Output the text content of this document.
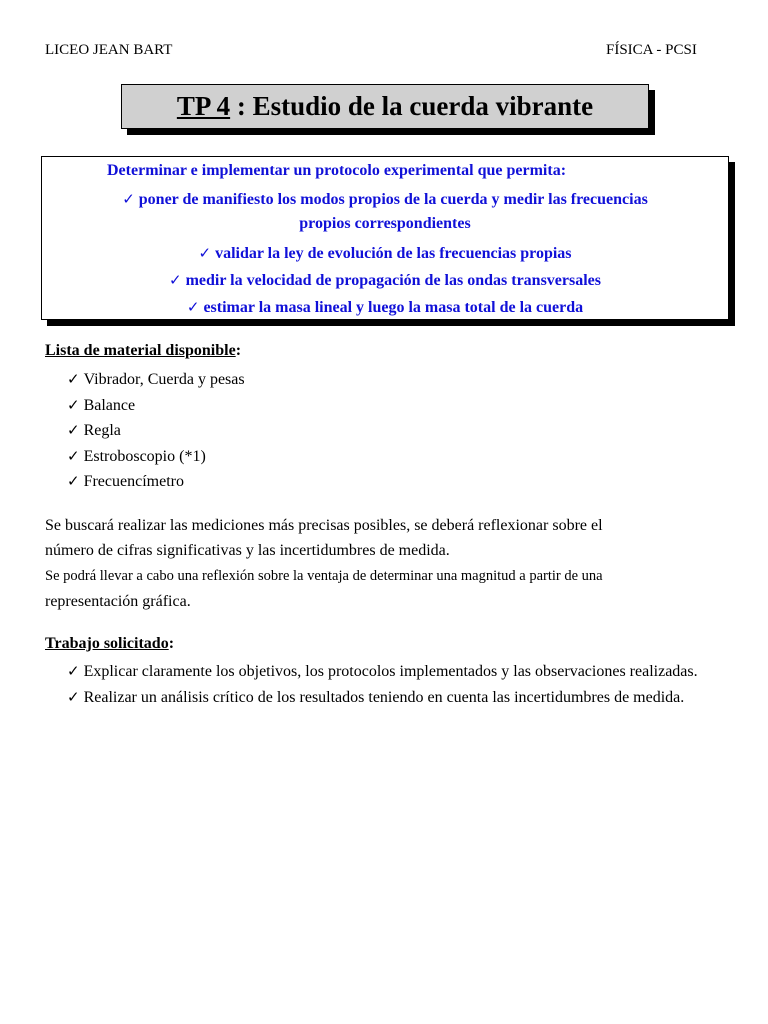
LICEO JEAN BART	FÍSICA - PCSI
TP 4 : Estudio de la cuerda vibrante
Determinar e implementar un protocolo experimental que permita:
✓ poner de manifiesto los modos propios de la cuerda y medir las frecuencias
propios correspondientes
✓ validar la ley de evolución de las frecuencias propias
✓ medir la velocidad de propagación de las ondas transversales
✓ estimar la masa lineal y luego la masa total de la cuerda
Lista de material disponible:
✓ Vibrador, Cuerda y pesas
✓ Balance
✓ Regla
✓ Estroboscopio (*1)
✓ Frecuencímetro
Se buscará realizar las mediciones más precisas posibles, se deberá reflexionar sobre el
número de cifras significativas y las incertidumbres de medida.
Se podrá llevar a cabo una reflexión sobre la ventaja de determinar una magnitud a partir de una
representación gráfica.
Trabajo solicitado:
✓ Explicar claramente los objetivos, los protocolos implementados y las observaciones realizadas.
✓ Realizar un análisis crítico de los resultados teniendo en cuenta las incertidumbres de medida.
